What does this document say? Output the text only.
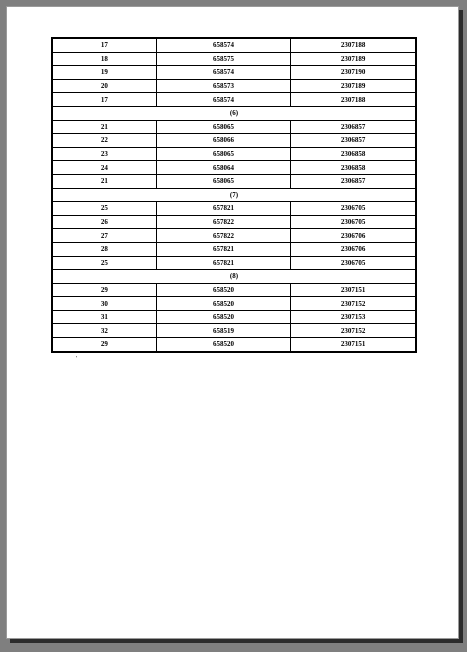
17	658574	2307188
18	658575	2307189
19	658574	2307190
20	658573	2307189
17	658574	2307188
(6)		
21	658065	2306857
22	658066	2306857
23	658065	2306858
24	658064	2306858
21	658065	2306857
(7)		
25	657821	2306705
26	657822	2306705
27	657822	2306706
28	657821	2306706
25	657821	2306705
(8)		
29	658520	2307151
30	658520	2307152
31	658520	2307153
32	658519	2307152
29	658520	2307151
'
